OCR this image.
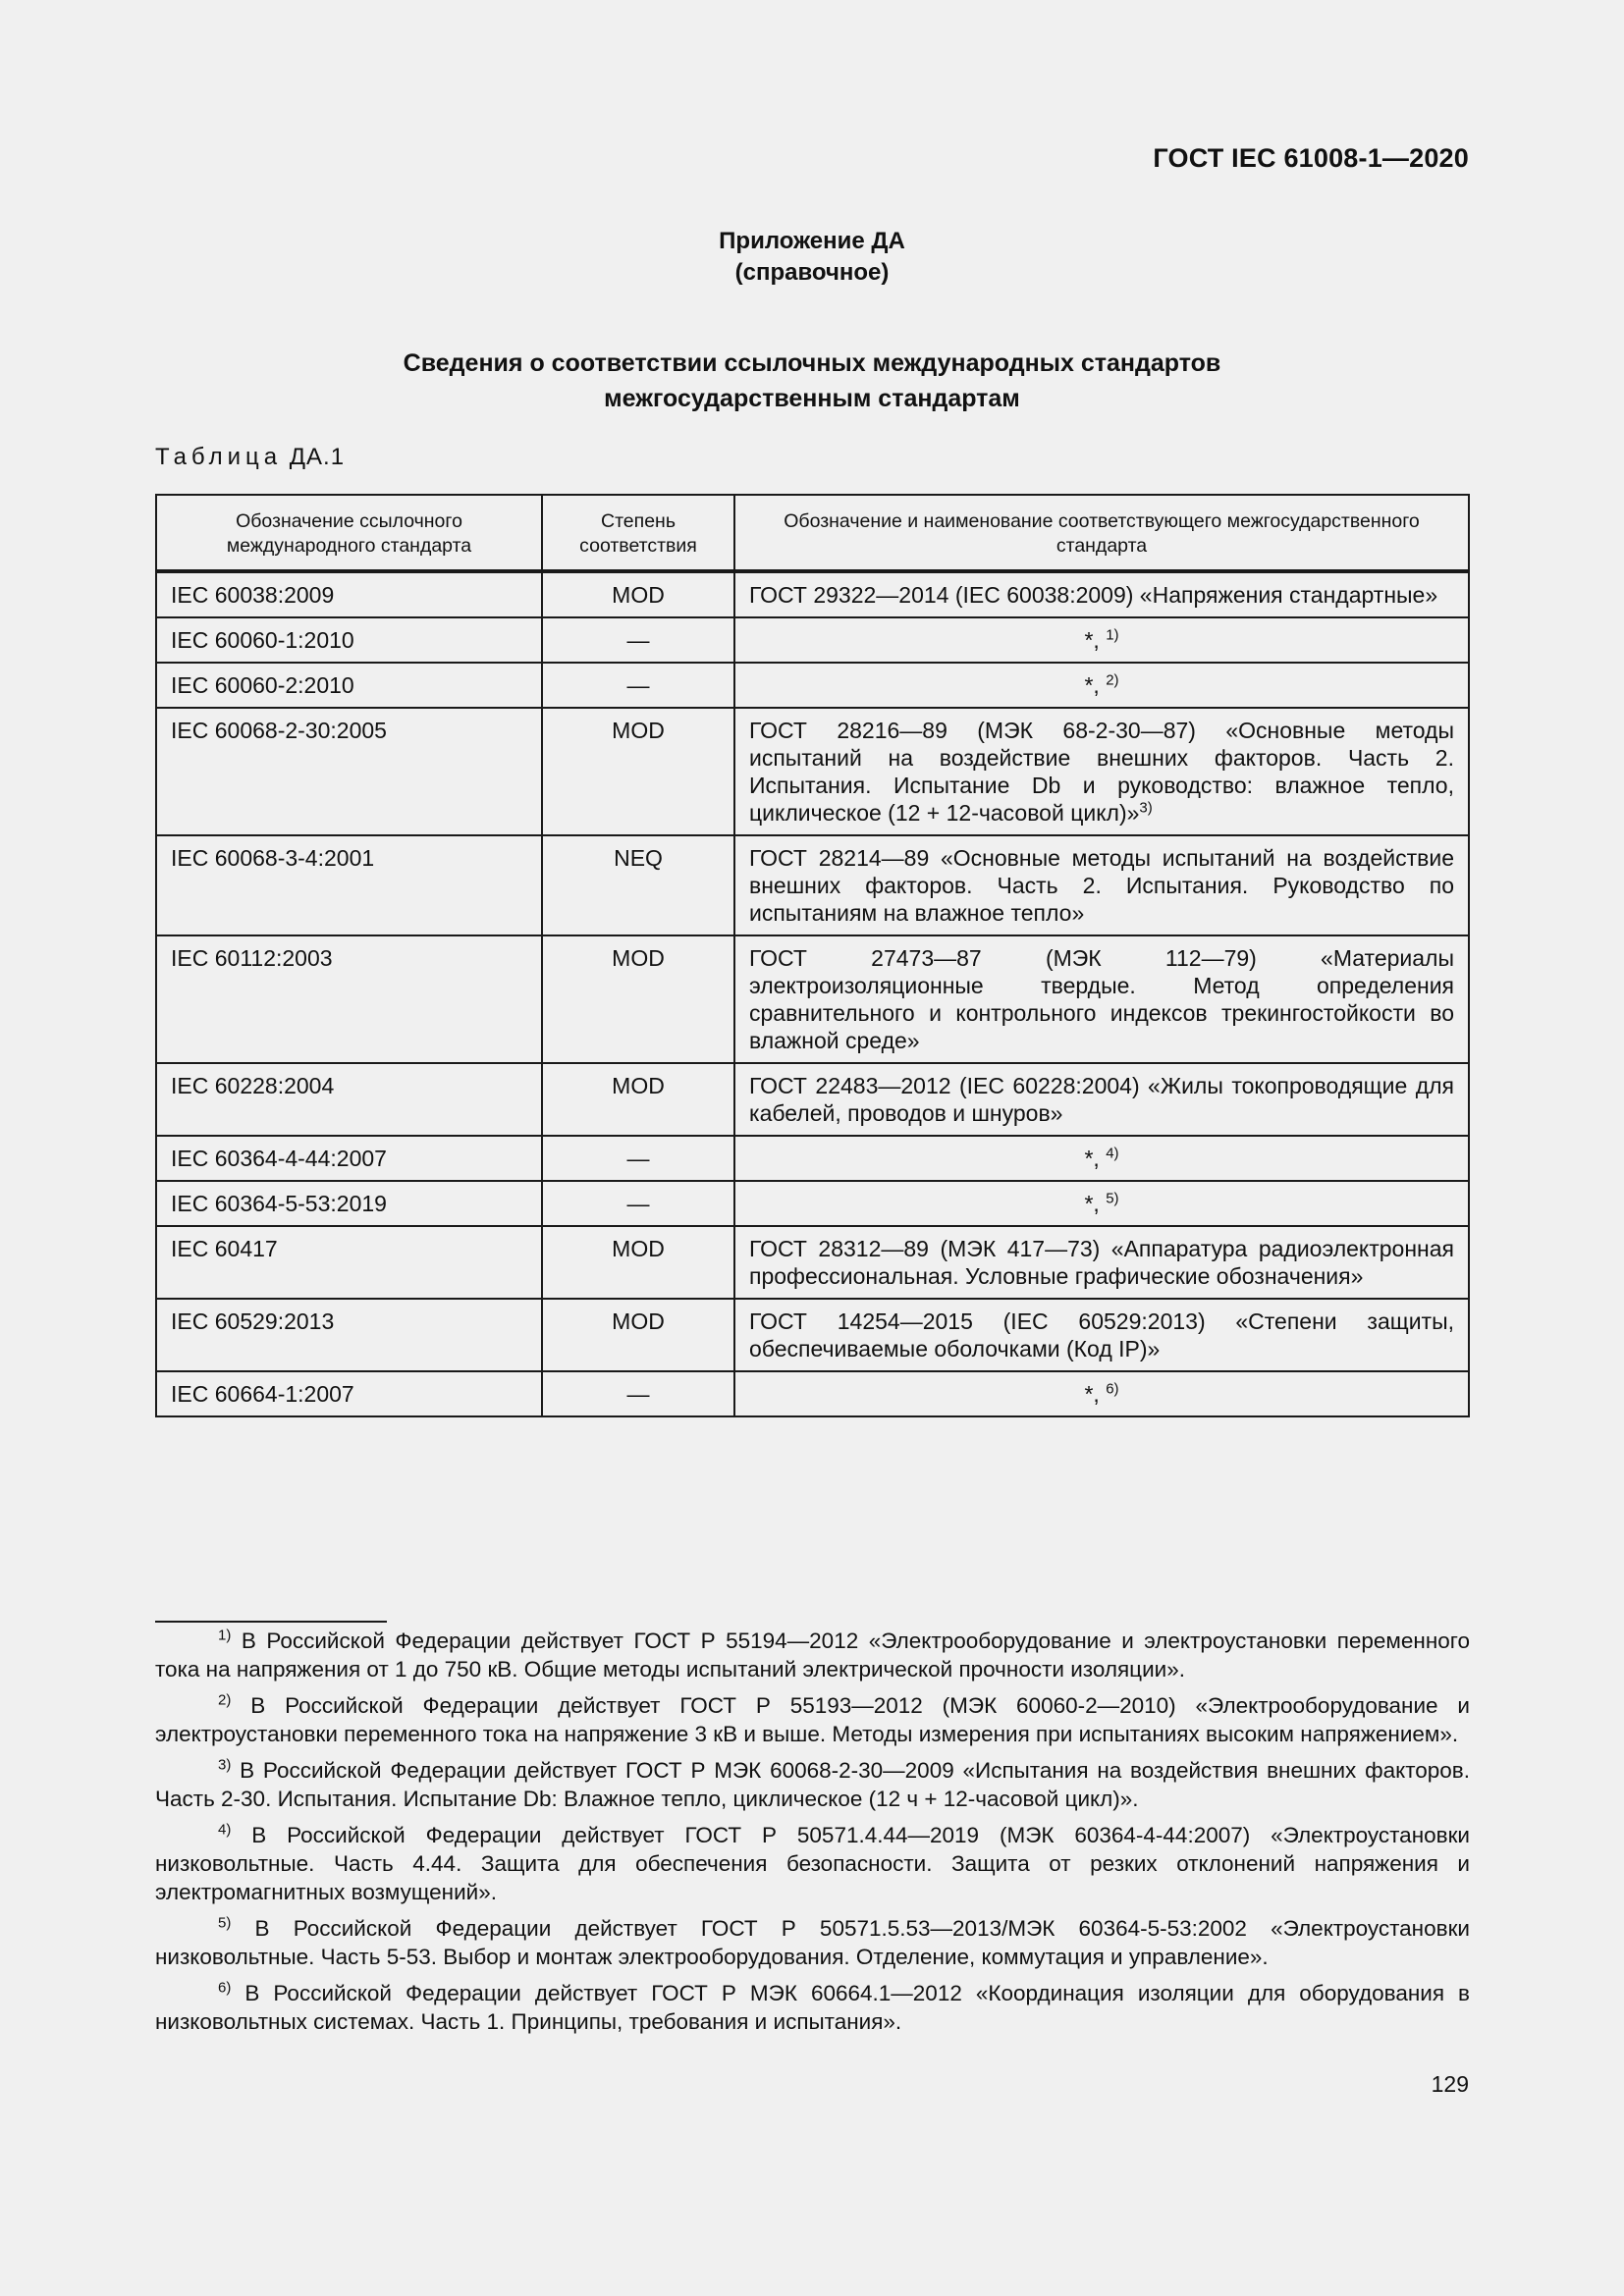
ГОСТ IEC 61008-1—2020
Приложение ДА
(справочное)
Сведения о соответствии ссылочных международных стандартов
межгосударственным стандартам
Таблица ДА.1
Обозначение ссылочного международного стандарта	Степень соответствия	Обозначение и наименование соответствующего межгосударственного стандарта
IEC 60038:2009	MOD	ГОСТ 29322—2014 (IEC 60038:2009) «Напряжения стандартные»
IEC 60060-1:2010	—	*, $^{1)}$
IEC 60060-2:2010	—	*, $^{2)}$
IEC 60068-2-30:2005	MOD	ГОСТ 28216—89 (МЭК 68-2-30—87) «Основные методы испытаний на воздействие внешних факторов. Часть 2. Испытания. Испытание Db и руководство: влажное тепло, циклическое (12 + 12-часовой цикл)»$^{3)}$
IEC 60068-3-4:2001	NEQ	ГОСТ 28214—89 «Основные методы испытаний на воздействие внешних факторов. Часть 2. Испытания. Руководство по испытаниям на влажное тепло»
IEC 60112:2003	MOD	ГОСТ 27473—87 (МЭК 112—79) «Материалы электроизоляционные твердые. Метод определения сравнительного и контрольного индексов трекингостойкости во влажной среде»
IEC 60228:2004	MOD	ГОСТ 22483—2012 (IEC 60228:2004) «Жилы токопроводящие для кабелей, проводов и шнуров»
IEC 60364-4-44:2007	—	*, $^{4)}$
IEC 60364-5-53:2019	—	*, $^{5)}$
IEC 60417	MOD	ГОСТ 28312—89 (МЭК 417—73) «Аппаратура радиоэлектронная профессиональная. Условные графические обозначения»
IEC 60529:2013	MOD	ГОСТ 14254—2015 (IEC 60529:2013) «Степени защиты, обеспечиваемые оболочками (Код IP)»
IEC 60664-1:2007	—	*, $^{6)}$

$^{1)}$ В Российской Федерации действует ГОСТ Р 55194—2012 «Электрооборудование и электроустановки переменного тока на напряжения от 1 до 750 кВ. Общие методы испытаний электрической прочности изоляции».

$^{2)}$ В Российской Федерации действует ГОСТ Р 55193—2012 (МЭК 60060-2—2010) «Электрооборудование и электроустановки переменного тока на напряжение 3 кВ и выше. Методы измерения при испытаниях высоким напряжением».

$^{3)}$ В Российской Федерации действует ГОСТ Р МЭК 60068-2-30—2009 «Испытания на воздействия внешних факторов. Часть 2-30. Испытания. Испытание Db: Влажное тепло, циклическое (12 ч + 12-часовой цикл)».

$^{4)}$ В Российской Федерации действует ГОСТ Р 50571.4.44—2019 (МЭК 60364-4-44:2007) «Электроустановки низковольтные. Часть 4.44. Защита для обеспечения безопасности. Защита от резких отклонений напряжения и электромагнитных возмущений».

$^{5)}$ В Российской Федерации действует ГОСТ Р 50571.5.53—2013/МЭК 60364-5-53:2002 «Электроустановки низковольтные. Часть 5-53. Выбор и монтаж электрооборудования. Отделение, коммутация и управление».

$^{6)}$ В Российской Федерации действует ГОСТ Р МЭК 60664.1—2012 «Координация изоляции для оборудования в низковольтных системах. Часть 1. Принципы, требования и испытания».

129
